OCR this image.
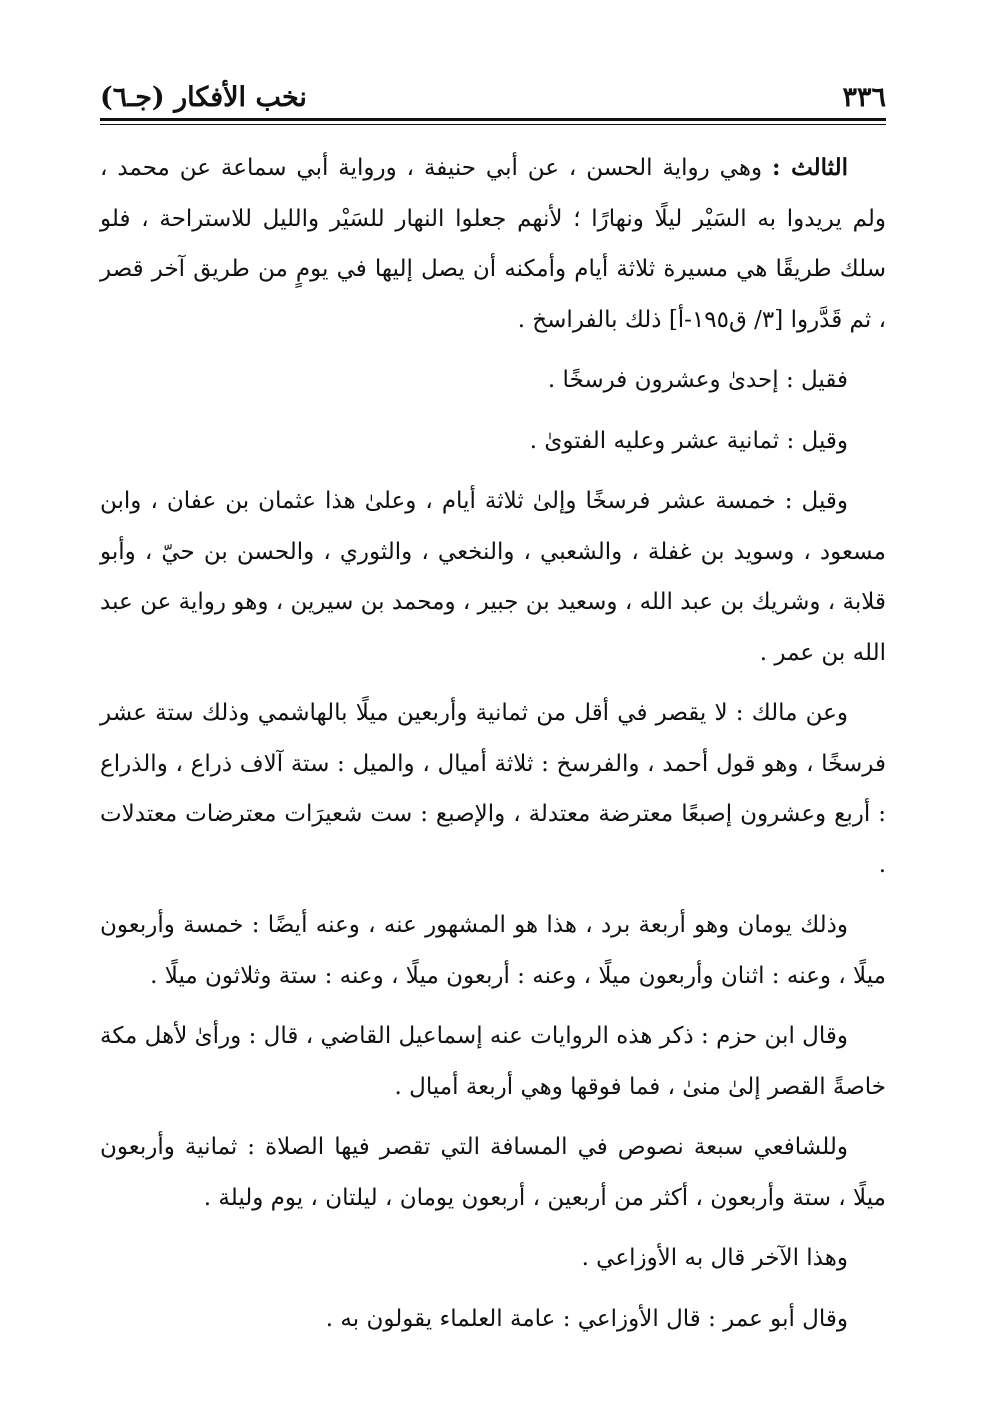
٣٣٦
نخب الأفكار (جـ٦)

الثالث : وهي رواية الحسن ، عن أبي حنيفة ، ورواية أبي سماعة عن محمد ، ولم يريدوا به السَيْر ليلًا ونهارًا ؛ لأنهم جعلوا النهار للسَيْر والليل للاستراحة ، فلو سلك طريقًا هي مسيرة ثلاثة أيام وأمكنه أن يصل إليها في يومٍ من طريق آخر قصر ، ثم قَدَّروا [٣/ ق١٩٥-أ] ذلك بالفراسخ .

فقيل : إحدىٰ وعشرون فرسخًا .

وقيل : ثمانية عشر وعليه الفتوىٰ .

وقيل : خمسة عشر فرسخًا وإلىٰ ثلاثة أيام ، وعلىٰ هذا عثمان بن عفان ، وابن مسعود ، وسويد بن غفلة ، والشعبي ، والنخعي ، والثوري ، والحسن بن حيّ ، وأبو قلابة ، وشريك بن عبد الله ، وسعيد بن جبير ، ومحمد بن سيرين ، وهو رواية عن عبد الله بن عمر .

وعن مالك : لا يقصر في أقل من ثمانية وأربعين ميلًا بالهاشمي وذلك ستة عشر فرسخًا ، وهو قول أحمد ، والفرسخ : ثلاثة أميال ، والميل : ستة آلاف ذراع ، والذراع : أربع وعشرون إصبعًا معترضة معتدلة ، والإصبع : ست شعيرَات معترضات معتدلات .

وذلك يومان وهو أربعة برد ، هذا هو المشهور عنه ، وعنه أيضًا : خمسة وأربعون ميلًا ، وعنه : اثنان وأربعون ميلًا ، وعنه : أربعون ميلًا ، وعنه : ستة وثلاثون ميلًا .

وقال ابن حزم : ذكر هذه الروايات عنه إسماعيل القاضي ، قال : ورأىٰ لأهل مكة خاصةً القصر إلىٰ منىٰ ، فما فوقها وهي أربعة أميال .

وللشافعي سبعة نصوص في المسافة التي تقصر فيها الصلاة : ثمانية وأربعون ميلًا ، ستة وأربعون ، أكثر من أربعين ، أربعون يومان ، ليلتان ، يوم وليلة .

وهذا الآخر قال به الأوزاعي .

وقال أبو عمر : قال الأوزاعي : عامة العلماء يقولون به .
